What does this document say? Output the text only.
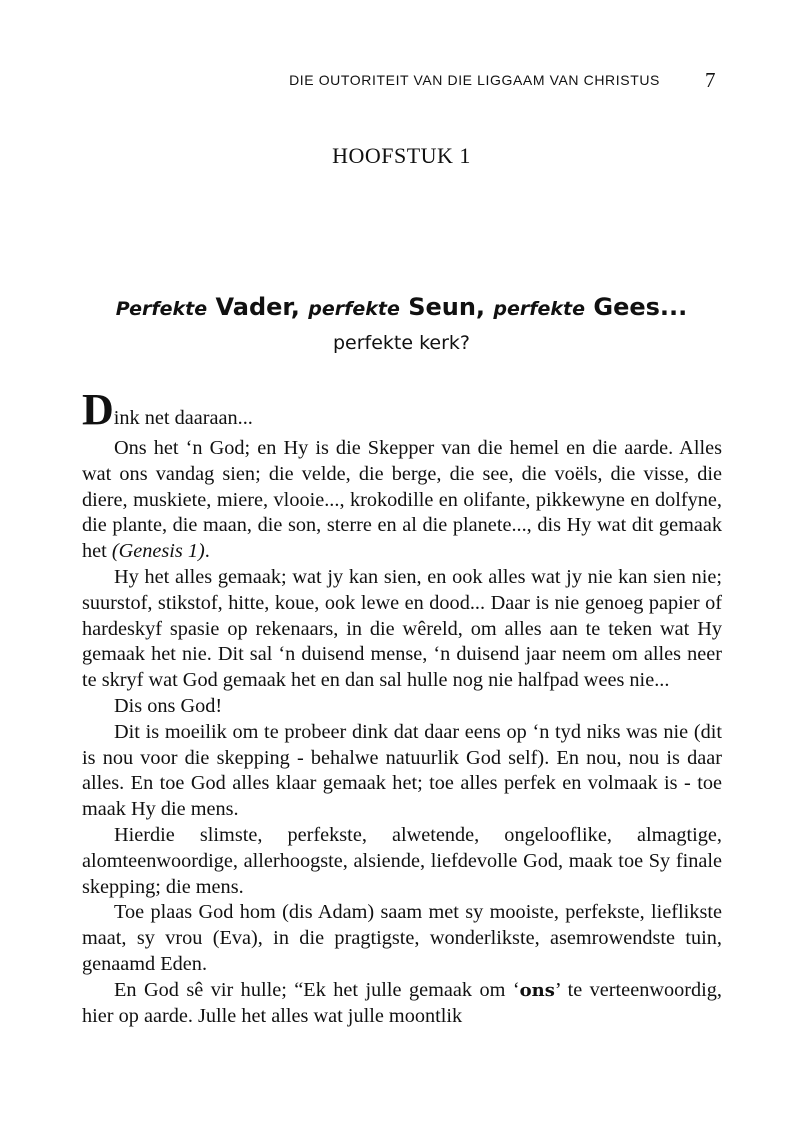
DIE OUTORITEIT VAN DIE LIGGAAM VAN CHRISTUS 7
HOOFSTUK 1
Perfekte Vader, perfekte Seun, perfekte Gees...
perfekte kerk?

Dink net daaraan...

Ons het ‘n God; en Hy is die Skepper van die hemel en die aarde. Alles wat ons vandag sien; die velde, die berge, die see, die voëls, die visse, die diere, muskiete, miere, vlooie..., krokodille en olifante, pikkewyne en dolfyne, die plante, die maan, die son, sterre en al die planete..., dis Hy wat dit gemaak het (Genesis 1).

Hy het alles gemaak; wat jy kan sien, en ook alles wat jy nie kan sien nie; suurstof, stikstof, hitte, koue, ook lewe en dood... Daar is nie genoeg papier of hardeskyf spasie op rekenaars, in die wêreld, om alles aan te teken wat Hy gemaak het nie. Dit sal ‘n duisend mense, ‘n duisend jaar neem om alles neer te skryf wat God gemaak het en dan sal hulle nog nie halfpad wees nie...

Dis ons God!

Dit is moeilik om te probeer dink dat daar eens op ‘n tyd niks was nie (dit is nou voor die skepping - behalwe natuurlik God self). En nou, nou is daar alles. En toe God alles klaar gemaak het; toe alles perfek en volmaak is - toe maak Hy die mens.

Hierdie slimste, perfekste, alwetende, ongelooflike, almagtige, alomteenwoordige, allerhoogste, alsiende, liefdevolle God, maak toe Sy finale skepping; die mens.

Toe plaas God hom (dis Adam) saam met sy mooiste, perfekste, lieflikste maat, sy vrou (Eva), in die pragtigste, wonderlikste, asemrowendste tuin, genaamd Eden.

En God sê vir hulle; “Ek het julle gemaak om ‘ons’ te verteenwoordig, hier op aarde. Julle het alles wat julle moontlik
